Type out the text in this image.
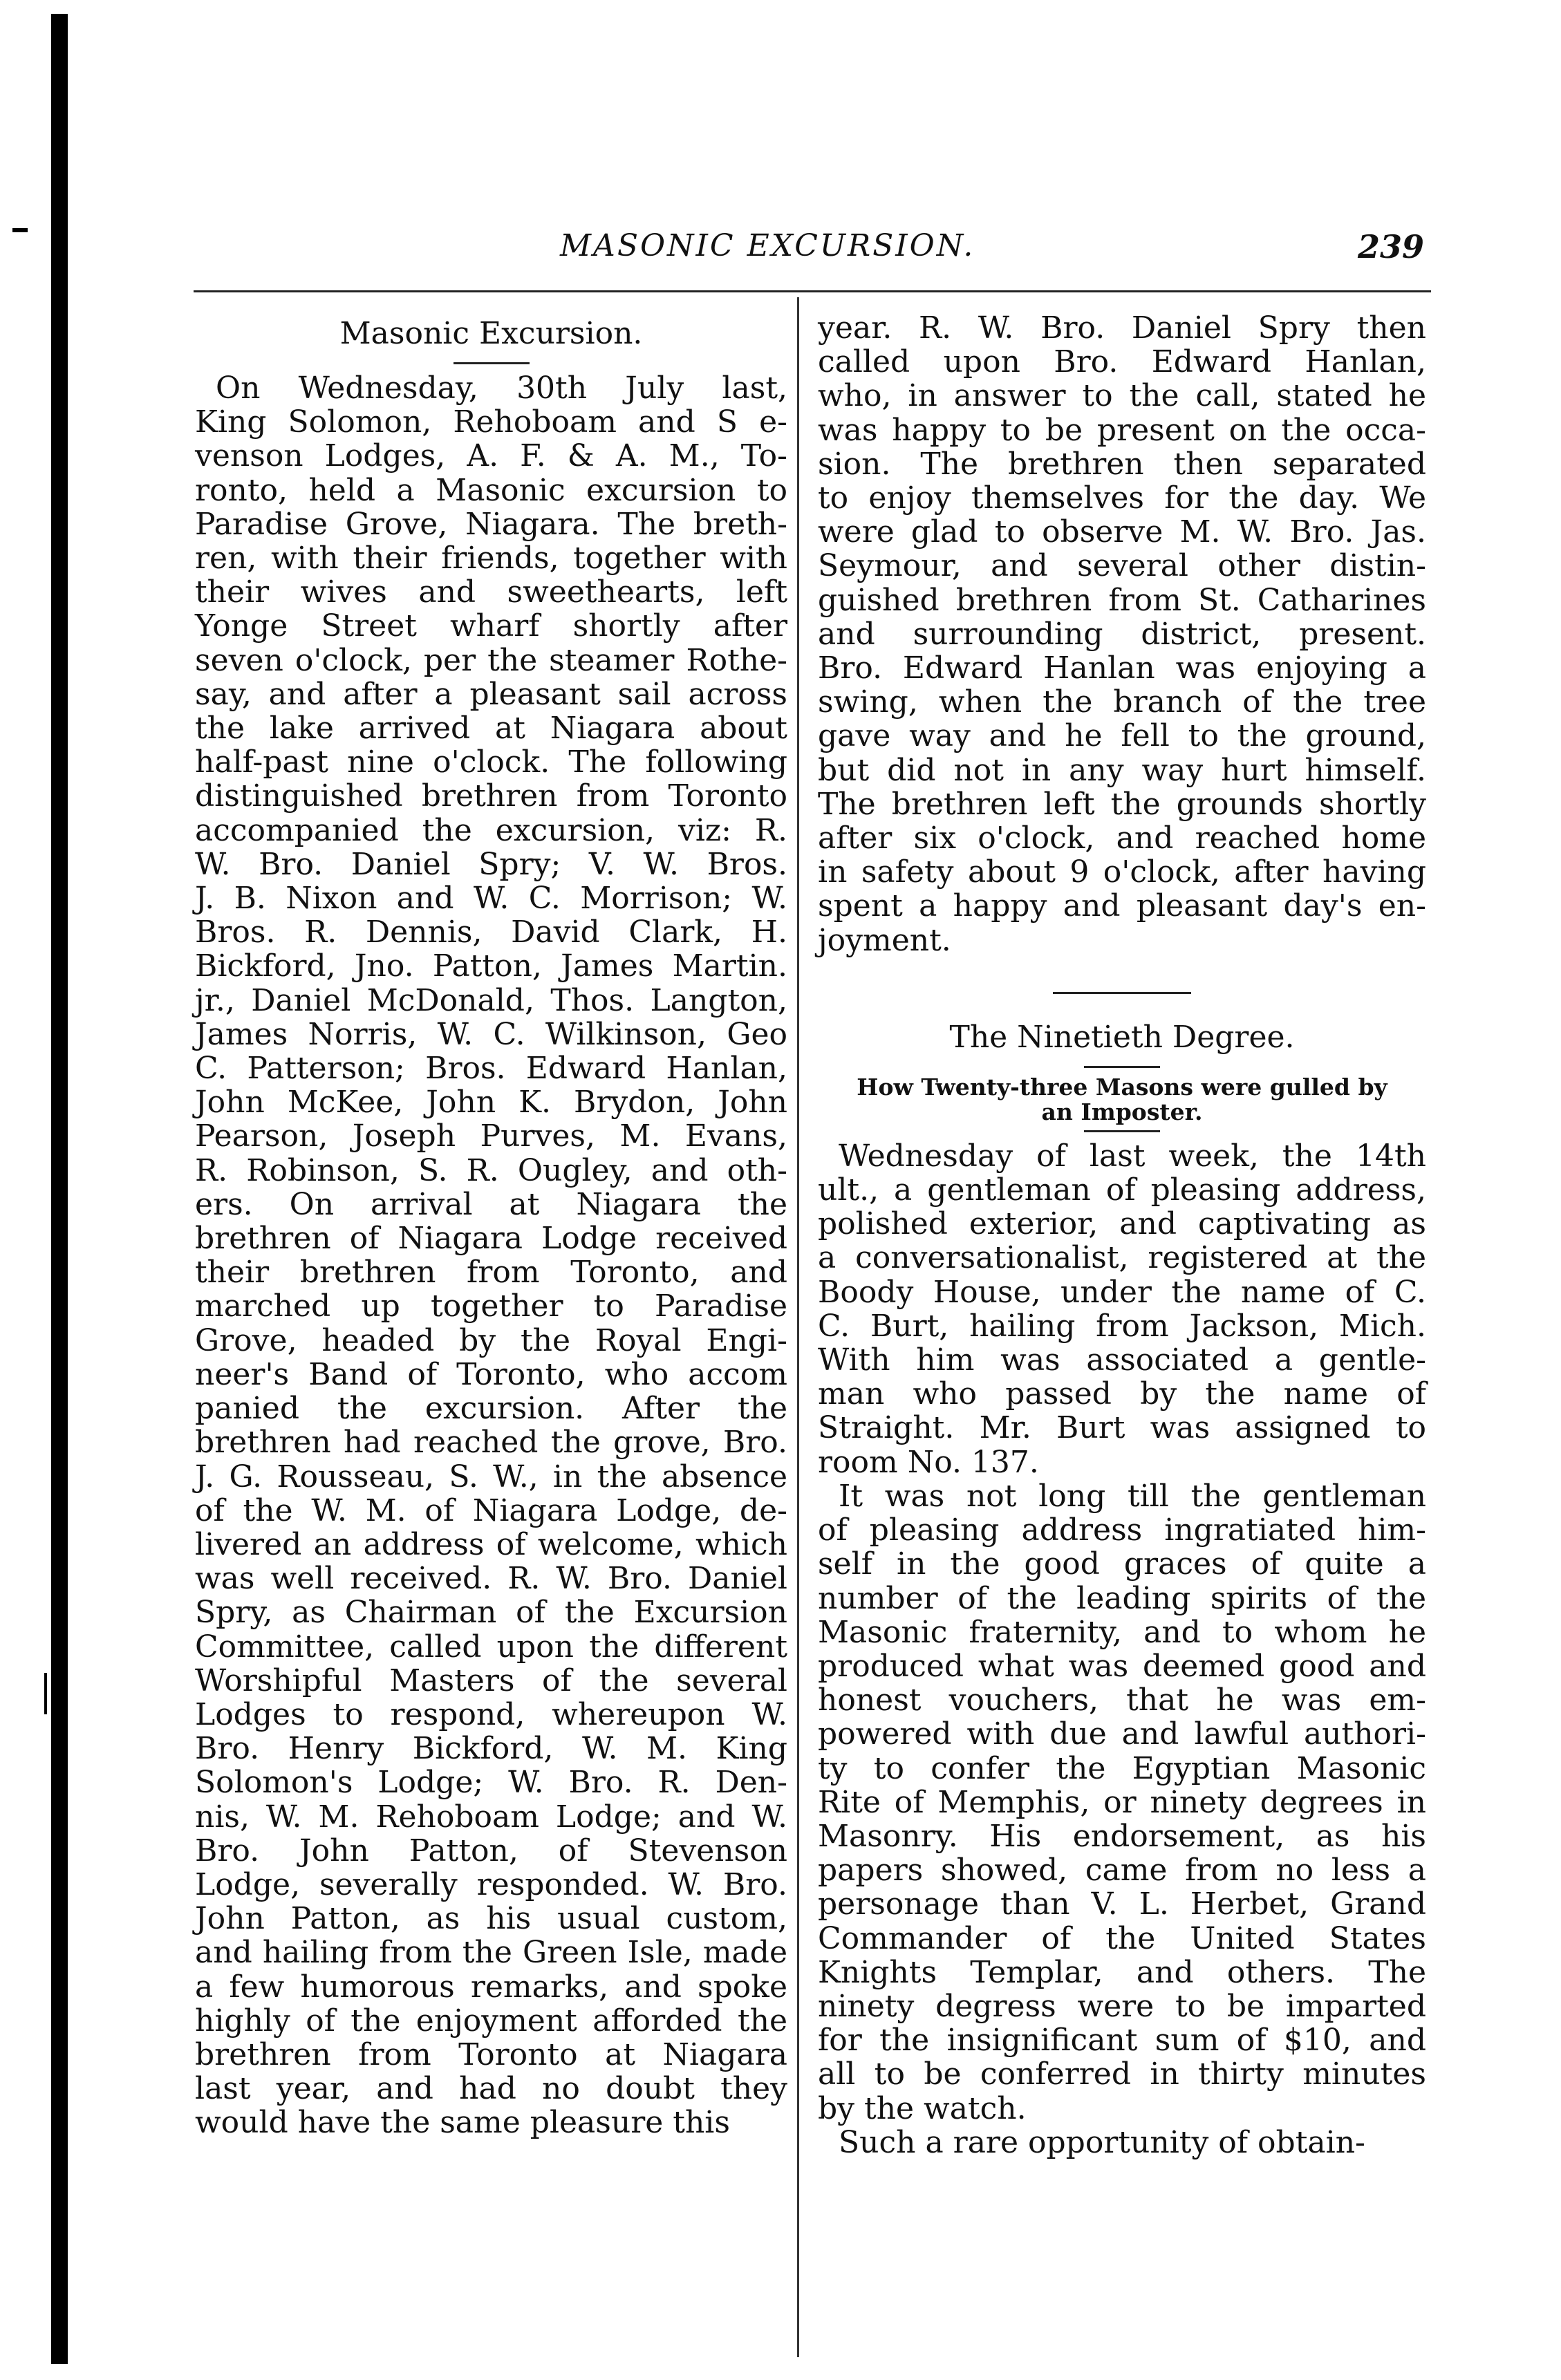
MASONIC EXCURSION.	239
Masonic Excursion.
On Wednesday, 30th July last,
King Solomon, Rehoboam and S e-
venson Lodges, A. F. & A. M., To-
ronto, held a Masonic excursion to
Paradise Grove, Niagara. The breth-
ren, with their friends, together with
their wives and sweethearts, left
Yonge Street wharf shortly after
seven o'clock, per the steamer Rothe-
say, and after a pleasant sail across
the lake arrived at Niagara about
half-past nine o'clock. The following
distinguished brethren from Toronto
accompanied the excursion, viz: R.
W. Bro. Daniel Spry; V. W. Bros.
J. B. Nixon and W. C. Morrison; W.
Bros. R. Dennis, David Clark, H.
Bickford, Jno. Patton, James Martin.
jr., Daniel McDonald, Thos. Langton,
James Norris, W. C. Wilkinson, Geo
C. Patterson; Bros. Edward Hanlan,
John McKee, John K. Brydon, John
Pearson, Joseph Purves, M. Evans,
R. Robinson, S. R. Ougley, and oth-
ers. On arrival at Niagara the
brethren of Niagara Lodge received
their brethren from Toronto, and
marched up together to Paradise
Grove, headed by the Royal Engi-
neer's Band of Toronto, who accom
panied the excursion. After the
brethren had reached the grove, Bro.
J. G. Rousseau, S. W., in the absence
of the W. M. of Niagara Lodge, de-
livered an address of welcome, which
was well received. R. W. Bro. Daniel
Spry, as Chairman of the Excursion
Committee, called upon the different
Worshipful Masters of the several
Lodges to respond, whereupon W.
Bro. Henry Bickford, W. M. King
Solomon's Lodge; W. Bro. R. Den-
nis, W. M. Rehoboam Lodge; and W.
Bro. John Patton, of Stevenson
Lodge, severally responded. W. Bro.
John Patton, as his usual custom,
and hailing from the Green Isle, made
a few humorous remarks, and spoke
highly of the enjoyment afforded the
brethren from Toronto at Niagara
last year, and had no doubt they
would have the same pleasure this
year. R. W. Bro. Daniel Spry then
called upon Bro. Edward Hanlan,
who, in answer to the call, stated he
was happy to be present on the occa-
sion. The brethren then separated
to enjoy themselves for the day. We
were glad to observe M. W. Bro. Jas.
Seymour, and several other distin-
guished brethren from St. Catharines
and surrounding district, present.
Bro. Edward Hanlan was enjoying a
swing, when the branch of the tree
gave way and he fell to the ground,
but did not in any way hurt himself.
The brethren left the grounds shortly
after six o'clock, and reached home
in safety about 9 o'clock, after having
spent a happy and pleasant day's en-
joyment.
The Ninetieth Degree.
How Twenty-three Masons were gulled by an Imposter.
Wednesday of last week, the 14th
ult., a gentleman of pleasing address,
polished exterior, and captivating as
a conversationalist, registered at the
Boody House, under the name of C.
C. Burt, hailing from Jackson, Mich.
With him was associated a gentle-
man who passed by the name of
Straight. Mr. Burt was assigned to
room No. 137.
It was not long till the gentleman
of pleasing address ingratiated him-
self in the good graces of quite a
number of the leading spirits of the
Masonic fraternity, and to whom he
produced what was deemed good and
honest vouchers, that he was em-
powered with due and lawful authori-
ty to confer the Egyptian Masonic
Rite of Memphis, or ninety degrees in
Masonry. His endorsement, as his
papers showed, came from no less a
personage than V. L. Herbet, Grand
Commander of the United States
Knights Templar, and others. The
ninety degress were to be imparted
for the insignificant sum of $10, and
all to be conferred in thirty minutes
by the watch.
Such a rare opportunity of obtain-
